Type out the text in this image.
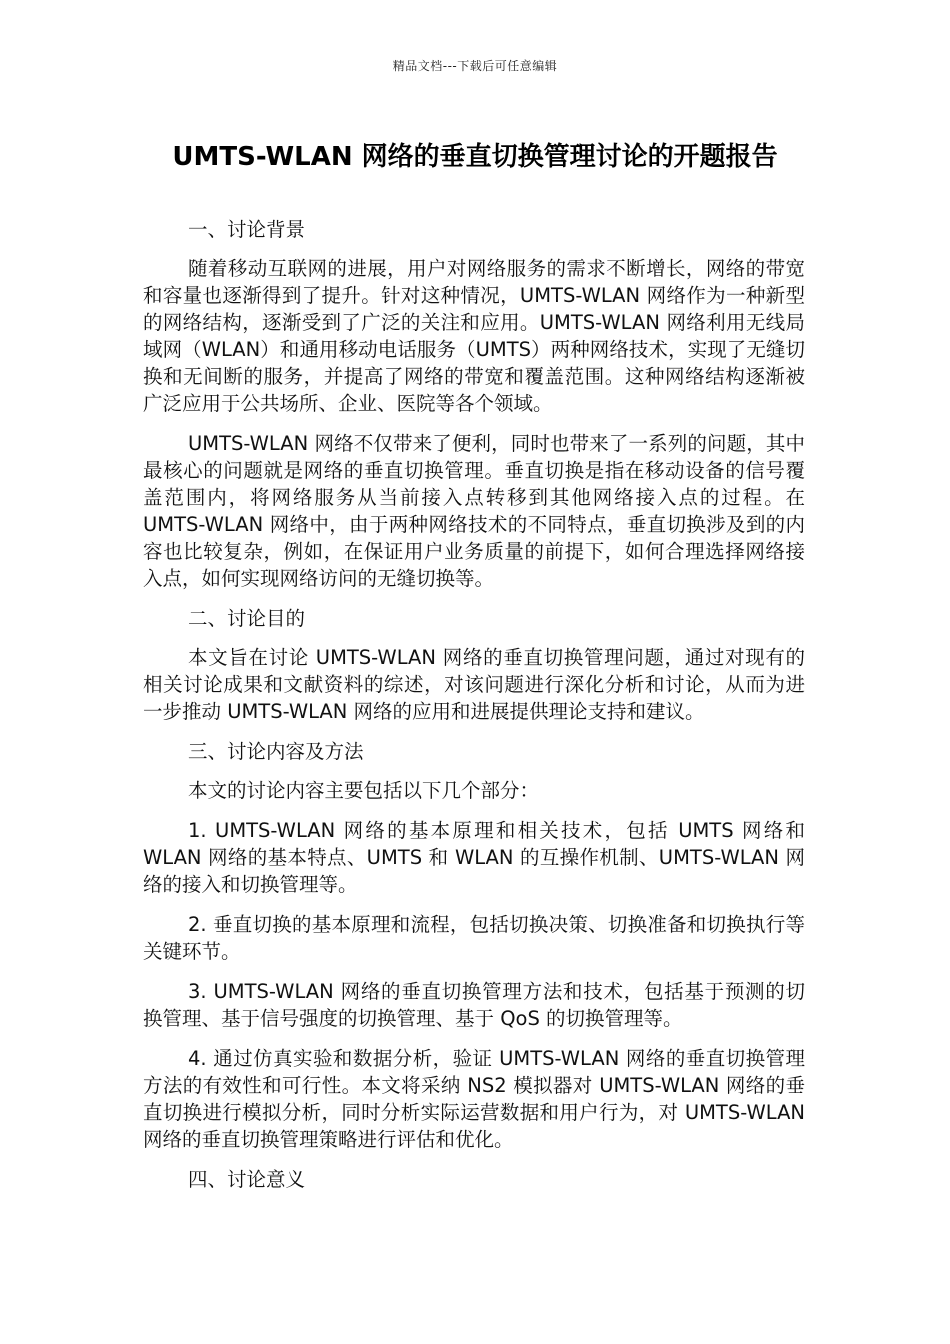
精品文档---下载后可任意编辑
UMTS-WLAN 网络的垂直切换管理讨论的开题报告

一、讨论背景

随着移动互联网的进展，用户对网络服务的需求不断增长，网络的带宽和容量也逐渐得到了提升。针对这种情况，UMTS-WLAN 网络作为一种新型的网络结构，逐渐受到了广泛的关注和应用。UMTS-WLAN 网络利用无线局域网（WLAN）和通用移动电话服务（UMTS）两种网络技术，实现了无缝切换和无间断的服务，并提高了网络的带宽和覆盖范围。这种网络结构逐渐被广泛应用于公共场所、企业、医院等各个领域。

UMTS-WLAN 网络不仅带来了便利，同时也带来了一系列的问题，其中最核心的问题就是网络的垂直切换管理。垂直切换是指在移动设备的信号覆盖范围内，将网络服务从当前接入点转移到其他网络接入点的过程。在 UMTS-WLAN 网络中，由于两种网络技术的不同特点，垂直切换涉及到的内容也比较复杂，例如，在保证用户业务质量的前提下，如何合理选择网络接入点，如何实现网络访问的无缝切换等。

二、讨论目的

本文旨在讨论 UMTS-WLAN 网络的垂直切换管理问题，通过对现有的相关讨论成果和文献资料的综述，对该问题进行深化分析和讨论，从而为进一步推动 UMTS-WLAN 网络的应用和进展提供理论支持和建议。

三、讨论内容及方法

本文的讨论内容主要包括以下几个部分：

1. UMTS-WLAN 网络的基本原理和相关技术，包括 UMTS 网络和 WLAN 网络的基本特点、UMTS 和 WLAN 的互操作机制、UMTS-WLAN 网络的接入和切换管理等。

2. 垂直切换的基本原理和流程，包括切换决策、切换准备和切换执行等关键环节。

3. UMTS-WLAN 网络的垂直切换管理方法和技术，包括基于预测的切换管理、基于信号强度的切换管理、基于 QoS 的切换管理等。

4. 通过仿真实验和数据分析，验证 UMTS-WLAN 网络的垂直切换管理方法的有效性和可行性。本文将采纳 NS2 模拟器对 UMTS-WLAN 网络的垂直切换进行模拟分析，同时分析实际运营数据和用户行为，对 UMTS-WLAN 网络的垂直切换管理策略进行评估和优化。

四、讨论意义
